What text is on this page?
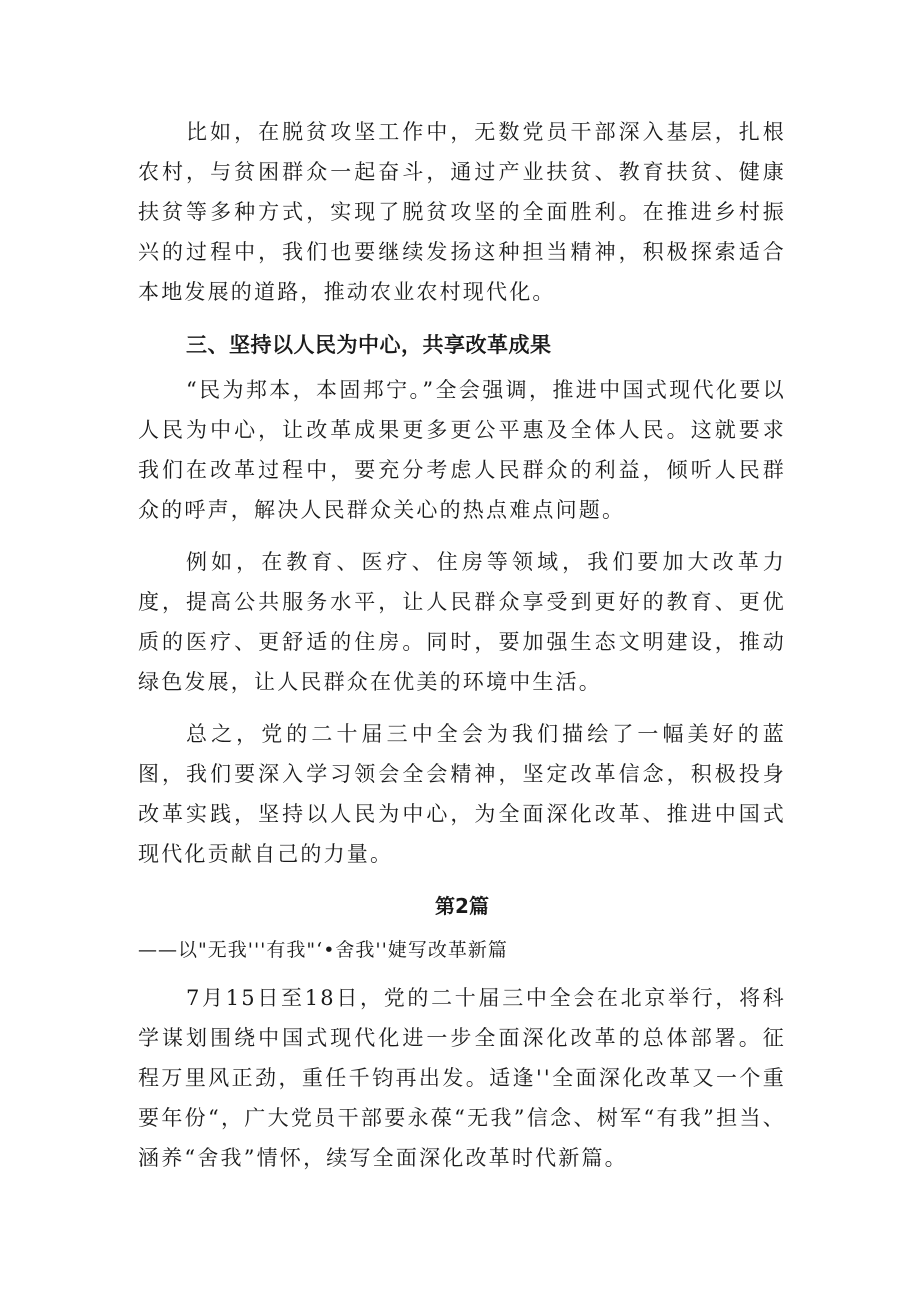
比如，在脱贫攻坚工作中，无数党员干部深入基层，扎根农村，与贫困群众一起奋斗，通过产业扶贫、教育扶贫、健康扶贫等多种方式，实现了脱贫攻坚的全面胜利。在推进乡村振兴的过程中，我们也要继续发扬这种担当精神，积极探索适合本地发展的道路，推动农业农村现代化。

三、坚持以人民为中心，共享改革成果

“民为邦本，本固邦宁。”全会强调，推进中国式现代化要以人民为中心，让改革成果更多更公平惠及全体人民。这就要求我们在改革过程中，要充分考虑人民群众的利益，倾听人民群众的呼声，解决人民群众关心的热点难点问题。

例如，在教育、医疗、住房等领域，我们要加大改革力度，提高公共服务水平，让人民群众享受到更好的教育、更优质的医疗、更舒适的住房。同时，要加强生态文明建设，推动绿色发展，让人民群众在优美的环境中生活。

总之，党的二十届三中全会为我们描绘了一幅美好的蓝图，我们要深入学习领会全会精神，坚定改革信念，积极投身改革实践，坚持以人民为中心，为全面深化改革、推进中国式现代化贡献自己的力量。

第2篇

——以"无我'''有我"‘•舍我''婕写改革新篇

7月15日至18日，党的二十届三中全会在北京举行，将科学谋划围绕中国式现代化进一步全面深化改革的总体部署。征程万里风正劲，重任千钧再出发。适逢''全面深化改革又一个重要年份“，广大党员干部要永葆“无我”信念、树军“有我”担当、涵养“舍我”情怀，续写全面深化改革时代新篇。
